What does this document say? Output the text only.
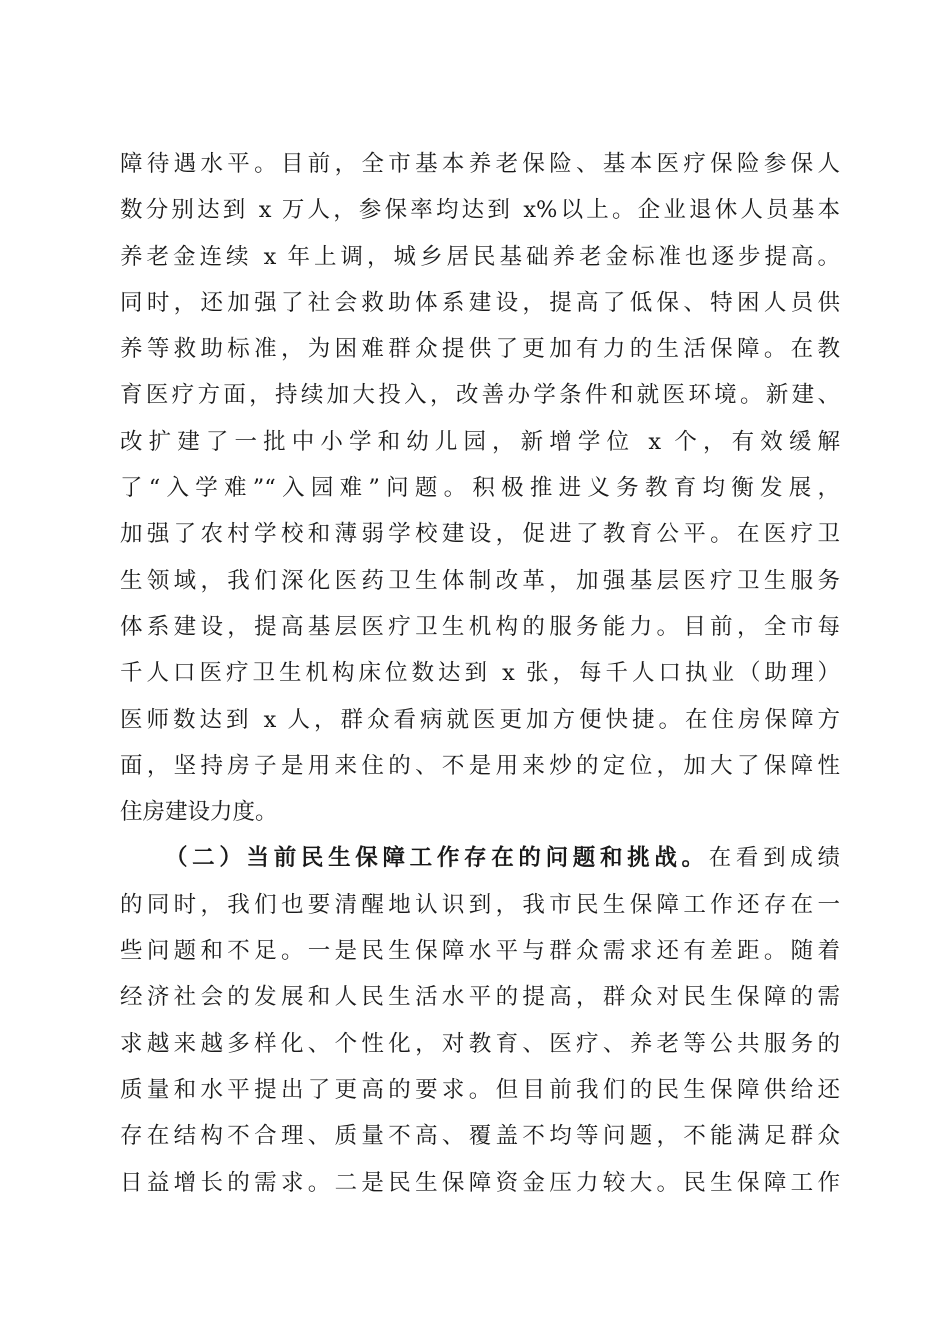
障待遇水平。目前，全市基本养老保险、基本医疗保险参保人
数分别达到 x 万人，参保率均达到 x%以上。企业退休人员基本
养老金连续 x 年上调，城乡居民基础养老金标准也逐步提高。
同时，还加强了社会救助体系建设，提高了低保、特困人员供
养等救助标准，为困难群众提供了更加有力的生活保障。在教
育医疗方面，持续加大投入，改善办学条件和就医环境。新建、
改扩建了一批中小学和幼儿园，新增学位 x 个，有效缓解
了“入学难”“入园难”问题。积极推进义务教育均衡发展，
加强了农村学校和薄弱学校建设，促进了教育公平。在医疗卫
生领域，我们深化医药卫生体制改革，加强基层医疗卫生服务
体系建设，提高基层医疗卫生机构的服务能力。目前，全市每
千人口医疗卫生机构床位数达到 x 张，每千人口执业（助理）
医师数达到 x 人，群众看病就医更加方便快捷。在住房保障方
面，坚持房子是用来住的、不是用来炒的定位，加大了保障性
住房建设力度。
（二）当前民生保障工作存在的问题和挑战。在看到成绩
的同时，我们也要清醒地认识到，我市民生保障工作还存在一
些问题和不足。一是民生保障水平与群众需求还有差距。随着
经济社会的发展和人民生活水平的提高，群众对民生保障的需
求越来越多样化、个性化，对教育、医疗、养老等公共服务的
质量和水平提出了更高的要求。但目前我们的民生保障供给还
存在结构不合理、质量不高、覆盖不均等问题，不能满足群众
日益增长的需求。二是民生保障资金压力较大。民生保障工作
